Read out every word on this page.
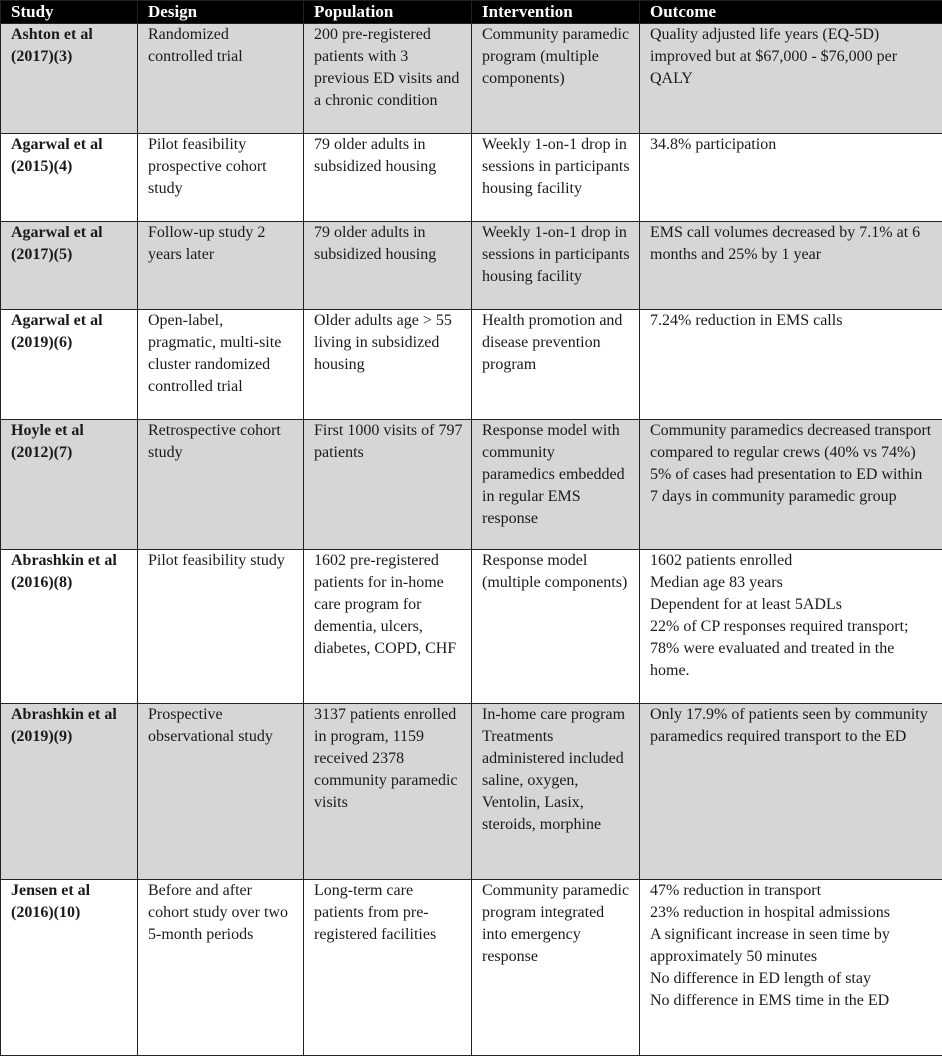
Study	Design	Population	Intervention	Outcome
Ashton et al (2017)(3)	Randomized controlled trial	200 pre-registered patients with 3 previous ED visits and a chronic condition	Community paramedic program (multiple components)	Quality adjusted life years (EQ-5D) improved but at $67,000 - $76,000 per QALY

Agarwal et al (2015)(4)	Pilot feasibility prospective cohort study	79 older adults in subsidized housing	Weekly 1-on-1 drop in sessions in participants housing facility	34.8% participation

Agarwal et al (2017)(5)	Follow-up study 2 years later	79 older adults in subsidized housing	Weekly 1-on-1 drop in sessions in participants housing facility	EMS call volumes decreased by 7.1% at 6 months and 25% by 1 year

Agarwal et al (2019)(6)	Open-label, pragmatic, multi-site cluster randomized controlled trial	Older adults age > 55 living in subsidized housing	Health promotion and disease prevention program	7.24% reduction in EMS calls

Hoyle et al (2012)(7)	Retrospective cohort study	First 1000 visits of 797 patients	Response model with community paramedics embedded in regular EMS response	Community paramedics decreased transport compared to regular crews (40% vs 74%)
5% of cases had presentation to ED within 7 days in community paramedic group

Abrashkin et al (2016)(8)	Pilot feasibility study	1602 pre-registered patients for in-home care program for dementia, ulcers, diabetes, COPD, CHF	Response model (multiple components)	1602 patients enrolled
Median age 83 years
Dependent for at least 5ADLs
22% of CP responses required transport;
78% were evaluated and treated in the home.

Abrashkin et al (2019)(9)	Prospective observational study	3137 patients enrolled in program, 1159 received 2378 community paramedic visits	In-home care program Treatments administered included saline, oxygen, Ventolin, Lasix, steroids, morphine	Only 17.9% of patients seen by community paramedics required transport to the ED

Jensen et al (2016)(10)	Before and after cohort study over two 5-month periods	Long-term care patients from pre-registered facilities	Community paramedic program integrated into emergency response	47% reduction in transport
23% reduction in hospital admissions
A significant increase in seen time by approximately 50 minutes
No difference in ED length of stay
No difference in EMS time in the ED
